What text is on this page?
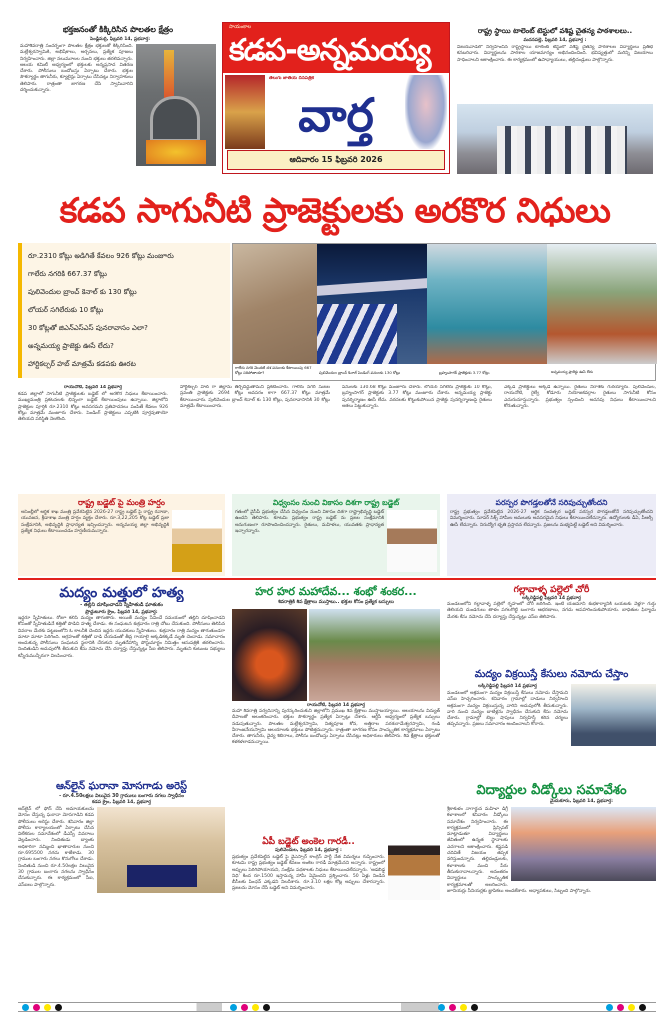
భక్తజనంతో కిక్కిరిసిన పొలతల క్షేత్రం
పెండ్లిమర్రి, ఫిబ్రవరి 14, ప్రభవార్త:
మహాశివరాత్రి సందర్భంగా పొలతల క్షేత్రం భక్తులతో కిక్కిరిసింది. మల్లేశ్వరస్వామికి, అభిషేకాలు, అర్చనలు, ప్రత్యేక పూజలు నిర్వహించారు. జిల్లా నలుమూలల నుంచి భక్తులు తరలివచ్చారు. ఆలయ కమిటీ ఆధ్వర్యంలో భక్తులకు అన్నప్రసాద వితరణ చేశారు. పోలీసులు బందోబస్తు ఏర్పాటు చేశారు. భక్తుల సౌకర్యార్థం తాగునీరు, క్యూలైన్లు ఏర్పాటు చేసినట్లు నిర్వాహకులు తెలిపారు. రాత్రంతా జాగరణ చేసి స్వామివారిని దర్శించుకున్నారు.
సాయంకాల
కడప-అన్నమయ్య
తెలుగు జాతీయ దినపత్రిక
వార్త
ఆదివారం 15 ఫిబ్రవరి 2026
రాష్ట్ర స్థాయి టాలెంట్ టెస్టులో వశిష్ట చైతన్య పాఠశాలలు..
మదనపల్లె, ఫిబ్రవరి 14, ప్రభవార్త :
విజయవాడలో నిర్వహించిన రాష్ట్రస్థాయి టాలెంట్ టెస్టులో వశిష్ట చైతన్య పాఠశాలల విద్యార్థులు ప్రతిభ కనబరిచారు. విద్యార్థులను పాఠశాల యాజమాన్యం అభినందించింది. భవిష్యత్తులో మరిన్ని విజయాలు సాధించాలని ఆకాంక్షించారు. ఈ కార్యక్రమంలో ఉపాధ్యాయులు, తల్లిదండ్రులు పాల్గొన్నారు.
కడప సాగునీటి ప్రాజెక్టులకు అరకొర నిధులు
రూ.2310 కోట్లు అడిగితే కేవలం 926 కోట్లు మంజూరు
గాలేరు నగరికి 667.37 కోట్లు
పులివెందుల బ్రాంచ్ కెనాల్ కు 130 కోట్లు
లోయర్ సగిలేరుకు 10 కోట్లు
30 కోట్లతో జిఎన్ఎస్ఎస్ పునరావాసం ఎలా?
అన్నమయ్య ప్రాజెక్టు ఊసే లేదు?
హార్టికల్చర్ హబ్ మాత్రమే కడపకు ఊరట	గాలేరు నగరి మొదటి దశ పనులకు కేటాయింపు 667 కోట్లు సరిపోతాయా?	పులివెందుల బ్రాంచ్ కెనాల్ పెండింగ్ పనులకు 130 కోట్లు	బ్రహ్మంసాగర్ ప్రాజెక్టుకు 3.77 కోట్లు	అన్నమయ్య ప్రాజెక్టు ఊసే లేదు
రాయచోటి, ఫిబ్రవరి 14 ప్రభవార్త
కడప జిల్లాలో సాగునీటి ప్రాజెక్టులకు బడ్జెట్ లో అరకొర నిధులు కేటాయించారు. ముఖ్యమంత్రి ప్రకటనలకు భిన్నంగా బడ్జెట్ కేటాయింపులు ఉన్నాయి. జిల్లాలోని ప్రాజెక్టుల పూర్తికి రూ.2310 కోట్లు అవసరమని ప్రతిపాదనలు పంపితే కేవలం 926 కోట్లు మాత్రమే మంజూరు చేశారు. పెండింగ్ ప్రాజెక్టులు ఎప్పటికి పూర్తవుతాయో తెలియని పరిస్థితి నెలకొంది.
హార్టికల్చర్ హబ్ గా జిల్లాను తీర్చిదిద్దుతామని ప్రకటించారు. గాలేరు నగరి సుజల స్రవంతి ప్రాజెక్టుకు 2694 కోట్లు అవసరం కాగా 667.37 కోట్లు మాత్రమే కేటాయించారు. పులివెందుల బ్రాంచ్ కెనాల్ కు 130 కోట్లు, పునరావాసానికి 30 కోట్లు మాత్రమే కేటాయించారు.
పనులకు 130.68 కోట్లు మంజూరు చేశారు. లోయర్ సగిలేరు ప్రాజెక్టుకు 10 కోట్లు, బ్రహ్మంసాగర్ ప్రాజెక్టుకు 3.77 కోట్లు మంజూరు చేశారు. అన్నమయ్య ప్రాజెక్టు పునర్నిర్మాణం ఊసే లేదు. వరదలకు కొట్టుకుపోయిన ప్రాజెక్టు పునర్నిర్మాణంపై రైతులు ఆశలు పెట్టుకున్నారు.
ఎక్కడ ప్రాజెక్టులు అక్కడే ఉన్నాయి. రైతులు నిరాశకు గురయ్యారు. పులివెందుల, రాయచోటి, రైల్వే కోడూరు నియోజకవర్గాల రైతులు సాగునీటి కోసం ఎదురుచూస్తున్నారు. ప్రభుత్వం స్పందించి అదనపు నిధులు కేటాయించాలని కోరుతున్నారు.
రాష్ట్ర బడ్జెట్ పై మంత్రి హర్షం
అసెంబ్లీలో ఆర్థిక శాఖ మంత్రి ప్రవేశపెట్టిన 2026-27 రాష్ట్ర బడ్జెట్ పై రాష్ట్ర రవాణా, యువజన, క్రీడాశాఖ మంత్రి హర్షం వ్యక్తం చేశారు. రూ.3,22,205 కోట్ల బడ్జెట్ ప్రజా సంక్షేమానికి, అభివృద్ధికి ప్రాధాన్యత ఇచ్చిందన్నారు. అన్నమయ్య జిల్లా అభివృద్ధికి ప్రత్యేక నిధులు కేటాయించడం హర్షణీయమన్నారు.
విధ్వంసం నుంచి వికాసం దిశగా రాష్ట్ర బడ్జెట్
గతంలో వైసీపీ ప్రభుత్వం చేసిన విధ్వంసం నుంచి వికాసం దిశగా రాష్ట్రాభివృద్ధి బడ్జెట్ ఉందని తెలిపారు. కూటమి ప్రభుత్వం రాష్ట్ర బడ్జెట్ ను ప్రజల సంక్షేమానికి అనుగుణంగా రూపొందించిందన్నారు. రైతులు, మహిళలు, యువతకు ప్రాధాన్యత ఇచ్చారన్నారు.
పరస్పర పొగడ్తలతోనే సరిపుచ్చుతోందని
రాష్ట్ర ప్రభుత్వం ప్రవేశపెట్టిన 2026-27 ఆర్థిక సంవత్సర బడ్జెట్ పరస్పర పొగడ్తలతోనే సరిపుచ్చుతోందని విమర్శించారు. సూపర్ సిక్స్ హామీల అమలుకు అవసరమైన నిధులు కేటాయించలేదన్నారు. ఉద్యోగులకు డీఏ, పీఆర్సీ ఊసే లేదన్నారు. నిరుద్యోగ భృతి ప్రస్తావన లేదన్నారు. ప్రజలను మభ్యపెట్టే బడ్జెట్ అని విమర్శించారు.
మద్యం మత్తులో హత్య
- తల్లిని దూషించాడని స్నేహితుడి ఘాతుకం
ప్రొద్దుటూరు క్రైం, ఫిబ్రవరి 14, ప్రభవార్త:
ఇద్దరూ స్నేహితులు. రోజూ కలిసి మద్యం తాగుతారు. అయితే మద్యం సేవించే సమయంలో తల్లిని దూషించాడని కోపంతో స్నేహితుడినే కత్తితో పొడిచి హత్య చేశాడు. ఈ సంఘటన శుక్రవారం రాత్రి చోటు చేసుకుంది. పోలీసులు తెలిపిన వివరాల మేరకు పట్టణంలోని ఓ కాలనీకి చెందిన ఇద్దరు యువకులు స్నేహితులు. శుక్రవారం రాత్రి మద్యం తాగుతుండగా మాటా మాటా పెరిగింది. ఆగ్రహంతో కత్తితో దాడి చేయడంతో తీవ్ర గాయాలై అక్కడికక్కడే మృతి చెందాడు. సమాచారం అందుకున్న పోలీసులు సంఘటన స్థలానికి చేరుకుని మృతదేహాన్ని పోస్టుమార్టం నిమిత్తం ఆసుపత్రికి తరలించారు. నిందితుడిని అదుపులోకి తీసుకుని కేసు నమోదు చేసి దర్యాప్తు చేస్తున్నట్లు సీఐ తెలిపారు. మృతుని కుటుంబ సభ్యులు కన్నీరుమున్నీరుగా విలపించారు.
ఆన్‌లైన్ ఘరానా మోసగాడు అరెస్ట్
- రూ.4.50లక్షలు విలువైన 30 గ్రాములు బంగారు నగలు స్వాధీనం
కడప క్రైం, ఫిబ్రవరి 14, ప్రభవార్త
ఆన్‌లైన్ లో ఫోన్ చేసి అమాయకులను మోసం చేస్తున్న ఘరానా మోసగాడిని కడప పోలీసులు అరెస్టు చేశారు. శనివారం జిల్లా పోలీసు కార్యాలయంలో ఏర్పాటు చేసిన విలేకరుల సమావేశంలో డీఎస్పీ వివరాలు వెల్లడించారు. నిందితుడు బ్యాంకు అధికారిగా నమ్మించి ఖాతాదారుల నుంచి రూ.695500 నగదు కాజేశాడు. 30 గ్రాముల బంగారు నగలు కొనుగోలు చేశాడు. నిందితుడి నుంచి రూ.4.50లక్షల విలువైన 30 గ్రాముల బంగారు నగలను స్వాధీనం చేసుకున్నారు. ఈ కార్యక్రమంలో సీఐ, ఎస్ఐలు పాల్గొన్నారు.
హర హర మహాదేవ... శంభో శంకర...
శివరాత్రికి శివ క్షేత్రాలు ముస్తాబు.. భక్తుల కోసం ప్రత్యేక బస్సులు
రాయచోటి, ఫిబ్రవరి 14 ప్రభవార్త
మహా శివరాత్రి పర్వదినాన్ని పురస్కరించుకుని జిల్లాలోని ప్రముఖ శివ క్షేత్రాలు ముస్తాబయ్యాయి. ఆలయాలను విద్యుత్ దీపాలతో అలంకరించారు. భక్తుల సౌకర్యార్థం ప్రత్యేక ఏర్పాట్లు చేశారు. ఆర్టీసీ ఆధ్వర్యంలో ప్రత్యేక బస్సులు నడుపుతున్నారు. పొలతల మల్లేశ్వరస్వామి, నిత్యపూజ కోన, అత్తిరాల పరశురామేశ్వరస్వామి, గండి వీరాంజనేయస్వామి ఆలయాలకు భక్తులు పోటెత్తనున్నారు. రాత్రంతా జాగరణ కోసం సాంస్కృతిక కార్యక్రమాలు ఏర్పాటు చేశారు. తాగునీరు, వైద్య శిబిరాలు, పోలీసు బందోబస్తు ఏర్పాటు చేసినట్లు అధికారులు తెలిపారు. శివ క్షేత్రాలు భక్తులతో కళకళలాడనున్నాయి.
ఏపీ బడ్జెట్ అంకెల గారడీ..
పులివెందుల, ఫిబ్రవరి 14, ప్రభవార్త :
ప్రభుత్వం ప్రవేశపెట్టిన బడ్జెట్ పై వైఎస్సార్ కాంగ్రెస్ పార్టీ నేత విమర్శలు గుప్పించారు. కూటమి రాష్ట్ర ప్రభుత్వం బడ్జెట్ కేవలం అంకెల గారడీ మాత్రమేనని అన్నారు. రాష్ట్రంలో అప్పులు పెరిగిపోయాయని, సంక్షేమ పథకాలకు నిధులు కేటాయించలేదన్నారు. 'ఆడబిడ్డ నిధి' కింద రూ.1500 ఇస్తామన్న హామీ ఏమైందని ప్రశ్నించారు. 50 ఏళ్లు నిండిన బీసీలకు పింఛన్ ఎక్కడని నిలదీశారు. రూ.3.10 లక్షల కోట్ల అప్పులు చేశారన్నారు. ప్రజలను మోసం చేసే బడ్జెట్ అని విమర్శించారు.
గల్లావాళ్ళ పల్లెలో చోరీ
లక్కిరెడ్డిపల్లి ఫిబ్రవరి 14 ప్రభవార్త
మండలంలోని గల్లావాళ్ళ పల్లెలో గృహంలో చోరీ జరిగింది. ఇంటి యజమాని శుభకార్యానికి బయటకు వెళ్లగా గుర్తు తెలియని దుండగులు తాళం పగలగొట్టి బంగారు ఆభరణాలు, నగదు అపహరించుకుపోయారు. బాధితుల ఫిర్యాదు మేరకు కేసు నమోదు చేసి దర్యాప్తు చేస్తున్నట్లు ఎస్ఐ తెలిపారు.
మద్యం విక్రయిస్తే కేసులు నమోదు చేస్తాం
లక్కిరెడ్డిపల్లి ఫిబ్రవరి 14 ప్రభవార్త
మండలంలో అక్రమంగా మద్యం విక్రయిస్తే కేసులు నమోదు చేస్తామని ఎస్ఐ హెచ్చరించారు. శనివారం గ్రామాల్లో దాడులు నిర్వహించి అక్రమంగా మద్యం విక్రయిస్తున్న వారిని అదుపులోకి తీసుకున్నారు. వారి నుంచి మద్యం బాటిళ్లను స్వాధీనం చేసుకుని కేసు నమోదు చేశారు. గ్రామాల్లో బెల్టు షాపులు నిర్వహిస్తే కఠిన చర్యలు తప్పవన్నారు. ప్రజలు సమాచారం అందించాలని కోరారు.
విద్యార్థుల వీడ్కోలు సమావేశం
మైదుకూరు, ఫిబ్రవరి 14, ప్రభవార్త:
శ్రీకాకుళం నాగార్జున మహిళా డిగ్రీ కళాశాలలో శనివారం వీడ్కోలు సమావేశం నిర్వహించారు. ఈ కార్యక్రమంలో ప్రిన్సిపల్ మాట్లాడుతూ విద్యార్థులు జీవితంలో ఉన్నత స్థానాలకు ఎదగాలని ఆకాంక్షించారు. కష్టపడి చదివితే విజయం తప్పక వరిస్తుందన్నారు. తల్లిదండ్రులకు, కళాశాలకు మంచి పేరు తీసుకురావాలన్నారు. అనంతరం విద్యార్థులు సాంస్కృతిక కార్యక్రమాలతో అలరించారు. జూనియర్లు సీనియర్లకు జ్ఞాపికలు అందజేశారు. అధ్యాపకులు, సిబ్బంది పాల్గొన్నారు.
